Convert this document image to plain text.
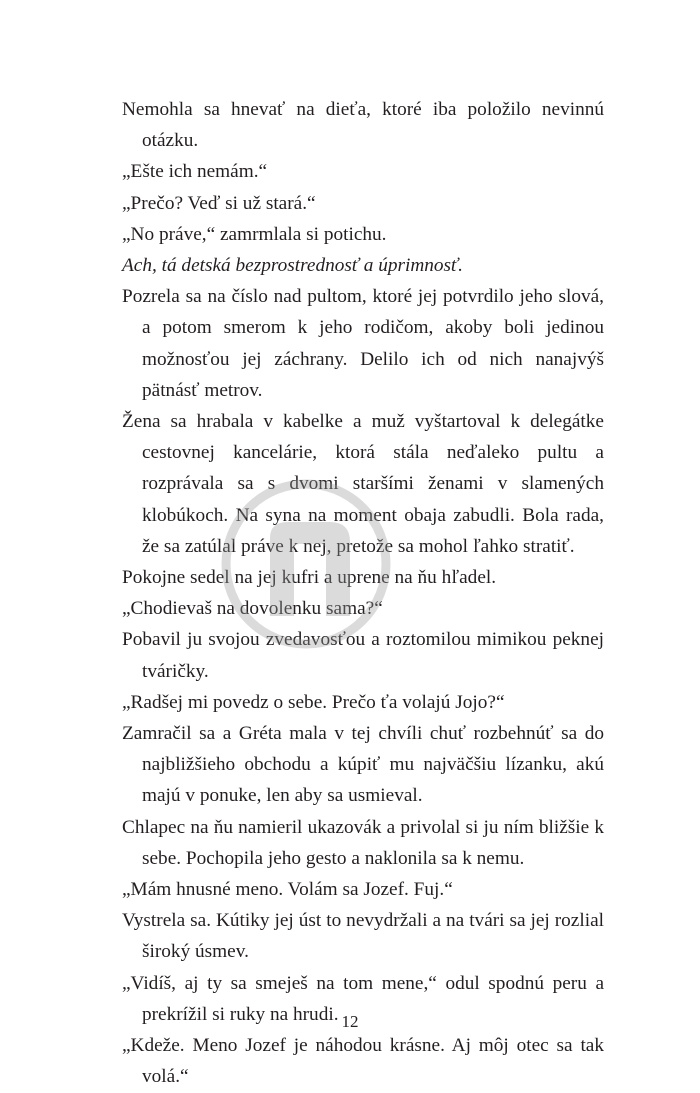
Nemohla sa hnevať na dieťa, ktoré iba položilo nevinnú otázku.

„Ešte ich nemám.“

„Prečo? Veď si už stará.“

„No práve,“ zamrmlala si potichu.

Ach, tá detská bezprostrednosť a úprimnosť.

Pozrela sa na číslo nad pultom, ktoré jej potvrdilo jeho slová, a potom smerom k jeho rodičom, akoby boli jedinou možnosťou jej záchrany. Delilo ich od nich nanajvýš pätnásť metrov.

Žena sa hrabala v kabelke a muž vyštartoval k delegátke cestovnej kancelárie, ktorá stála neďaleko pultu a rozprávala sa s dvomi staršími ženami v slamených klobúkoch. Na syna na moment obaja zabudli. Bola rada, že sa zatúlal práve k nej, pretože sa mohol ľahko stratiť.

Pokojne sedel na jej kufri a uprene na ňu hľadel.

„Chodievaš na dovolenku sama?“

Pobavil ju svojou zvedavosťou a roztomilou mimikou peknej tváričky.

„Radšej mi povedz o sebe. Prečo ťa volajú Jojo?“

Zamračil sa a Gréta mala v tej chvíli chuť rozbehnúť sa do najbližšieho obchodu a kúpiť mu najväčšiu lízanku, akú majú v ponuke, len aby sa usmieval.

Chlapec na ňu namieril ukazovák a privolal si ju ním bližšie k sebe. Pochopila jeho gesto a naklonila sa k nemu.

„Mám hnusné meno. Volám sa Jozef. Fuj.“

Vystrela sa. Kútiky jej úst to nevydržali a na tvári sa jej rozlial široký úsmev.

„Vidíš, aj ty sa smeješ na tom mene,“ odul spodnú peru a prekrížil si ruky na hrudi.

„Kdeže. Meno Jozef je náhodou krásne. Aj môj otec sa tak volá.“

12
